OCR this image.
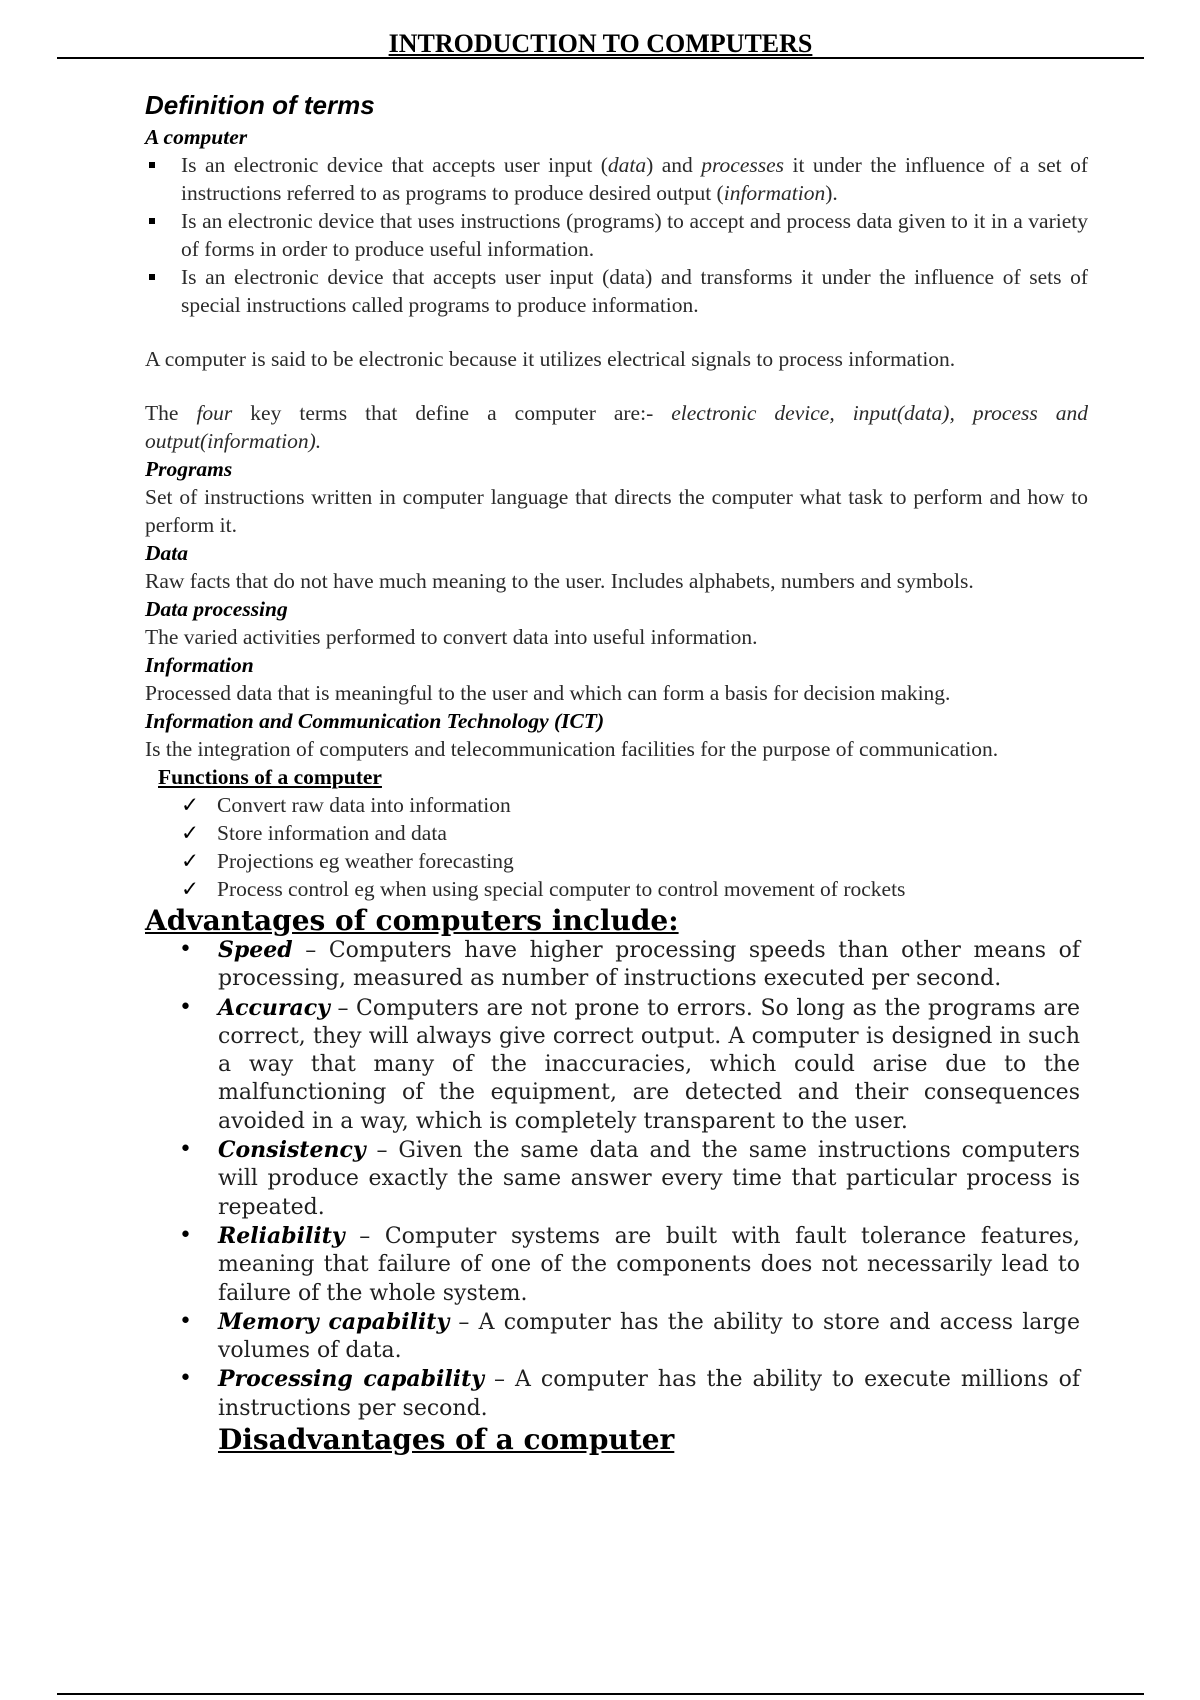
INTRODUCTION TO COMPUTERS
Definition of terms
A computer
Is an electronic device that accepts user input (data) and processes it under the influence of a set of instructions referred to as programs to produce desired output (information).
Is an electronic device that uses instructions (programs) to accept and process data given to it in a variety of forms in order to produce useful information.
Is an electronic device that accepts user input (data) and transforms it under the influence of sets of special instructions called programs to produce information.

A computer is said to be electronic because it utilizes electrical signals to process information.

The four key terms that define a computer are:- electronic device, input(data), process and output(information).

Programs

Set of instructions written in computer language that directs the computer what task to perform and how to perform it.

Data

Raw facts that do not have much meaning to the user. Includes alphabets, numbers and symbols.

Data processing

The varied activities performed to convert data into useful information.

Information

Processed data that is meaningful to the user and which can form a basis for decision making.

Information and Communication Technology (ICT)

Is the integration of computers and telecommunication facilities for the purpose of communication.

Functions of a computer
✓ Convert raw data into information
✓ Store information and data
✓ Projections eg weather forecasting
✓ Process control eg when using special computer to control movement of rockets
Advantages of computers include:
• Speed – Computers have higher processing speeds than other means of processing, measured as number of instructions executed per second.
• Accuracy – Computers are not prone to errors. So long as the programs are correct, they will always give correct output. A computer is designed in such a way that many of the inaccuracies, which could arise due to the malfunctioning of the equipment, are detected and their consequences avoided in a way, which is completely transparent to the user.
• Consistency – Given the same data and the same instructions computers will produce exactly the same answer every time that particular process is repeated.
• Reliability – Computer systems are built with fault tolerance features, meaning that failure of one of the components does not necessarily lead to failure of the whole system.
• Memory capability – A computer has the ability to store and access large volumes of data.
• Processing capability – A computer has the ability to execute millions of instructions per second.
Disadvantages of a computer
